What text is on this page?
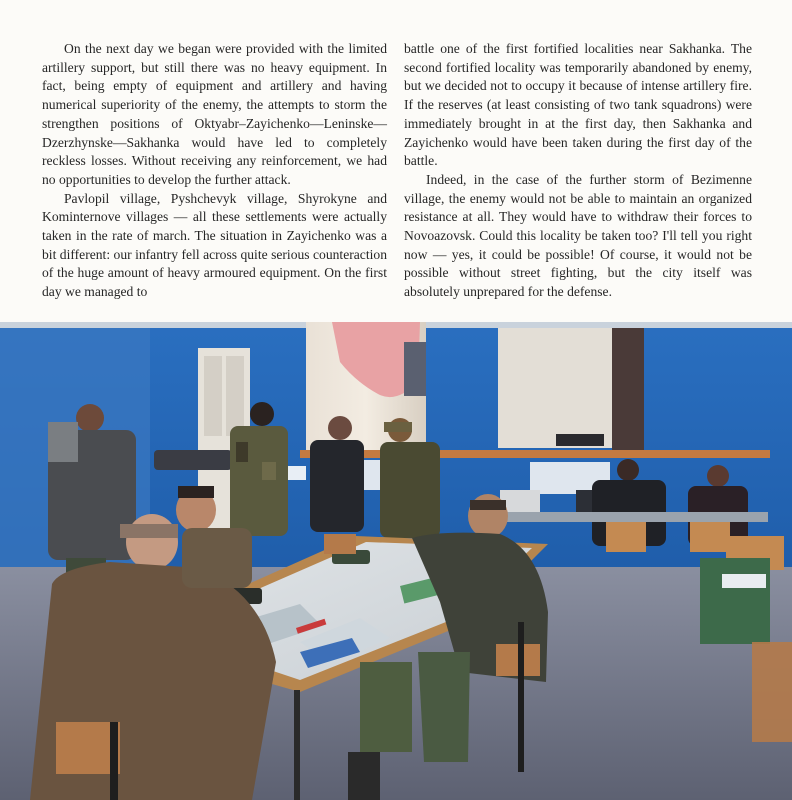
On the next day we began were provided with the limited artillery support, but still there was no heavy equipment. In fact, being empty of equipment and artillery and having numerical superiority of the enemy, the attempts to storm the strengthen positions of Oktyabr–Zayichenko—Leninske—Dzerzhynske—Sakhanka would have led to completely reckless losses. Without receiving any reinforcement, we had no opportunities to develop the further attack.

Pavlopil village, Pyshchevyk village, Shyrokyne and Kominternove villages — all these settlements were actually taken in the rate of march. The situation in Zayichenko was a bit different: our infantry fell across quite serious counteraction of the huge amount of heavy armoured equipment. On the first day we managed to

battle one of the first fortified localities near Sakhanka. The second fortified locality was temporarily abandoned by enemy, but we decided not to occupy it because of intense artillery fire. If the reserves (at least consisting of two tank squadrons) were immediately brought in at the first day, then Sakhanka and Zayichenko would have been taken during the first day of the battle.

Indeed, in the case of the further storm of Bezimenne village, the enemy would not be able to maintain an organized resistance at all. They would have to withdraw their forces to Novoazovsk. Could this locality be taken too? I'll tell you right now — yes, it could be possible! Of course, it would not be possible without street fighting, but the city itself was absolutely unprepared for the defense.
